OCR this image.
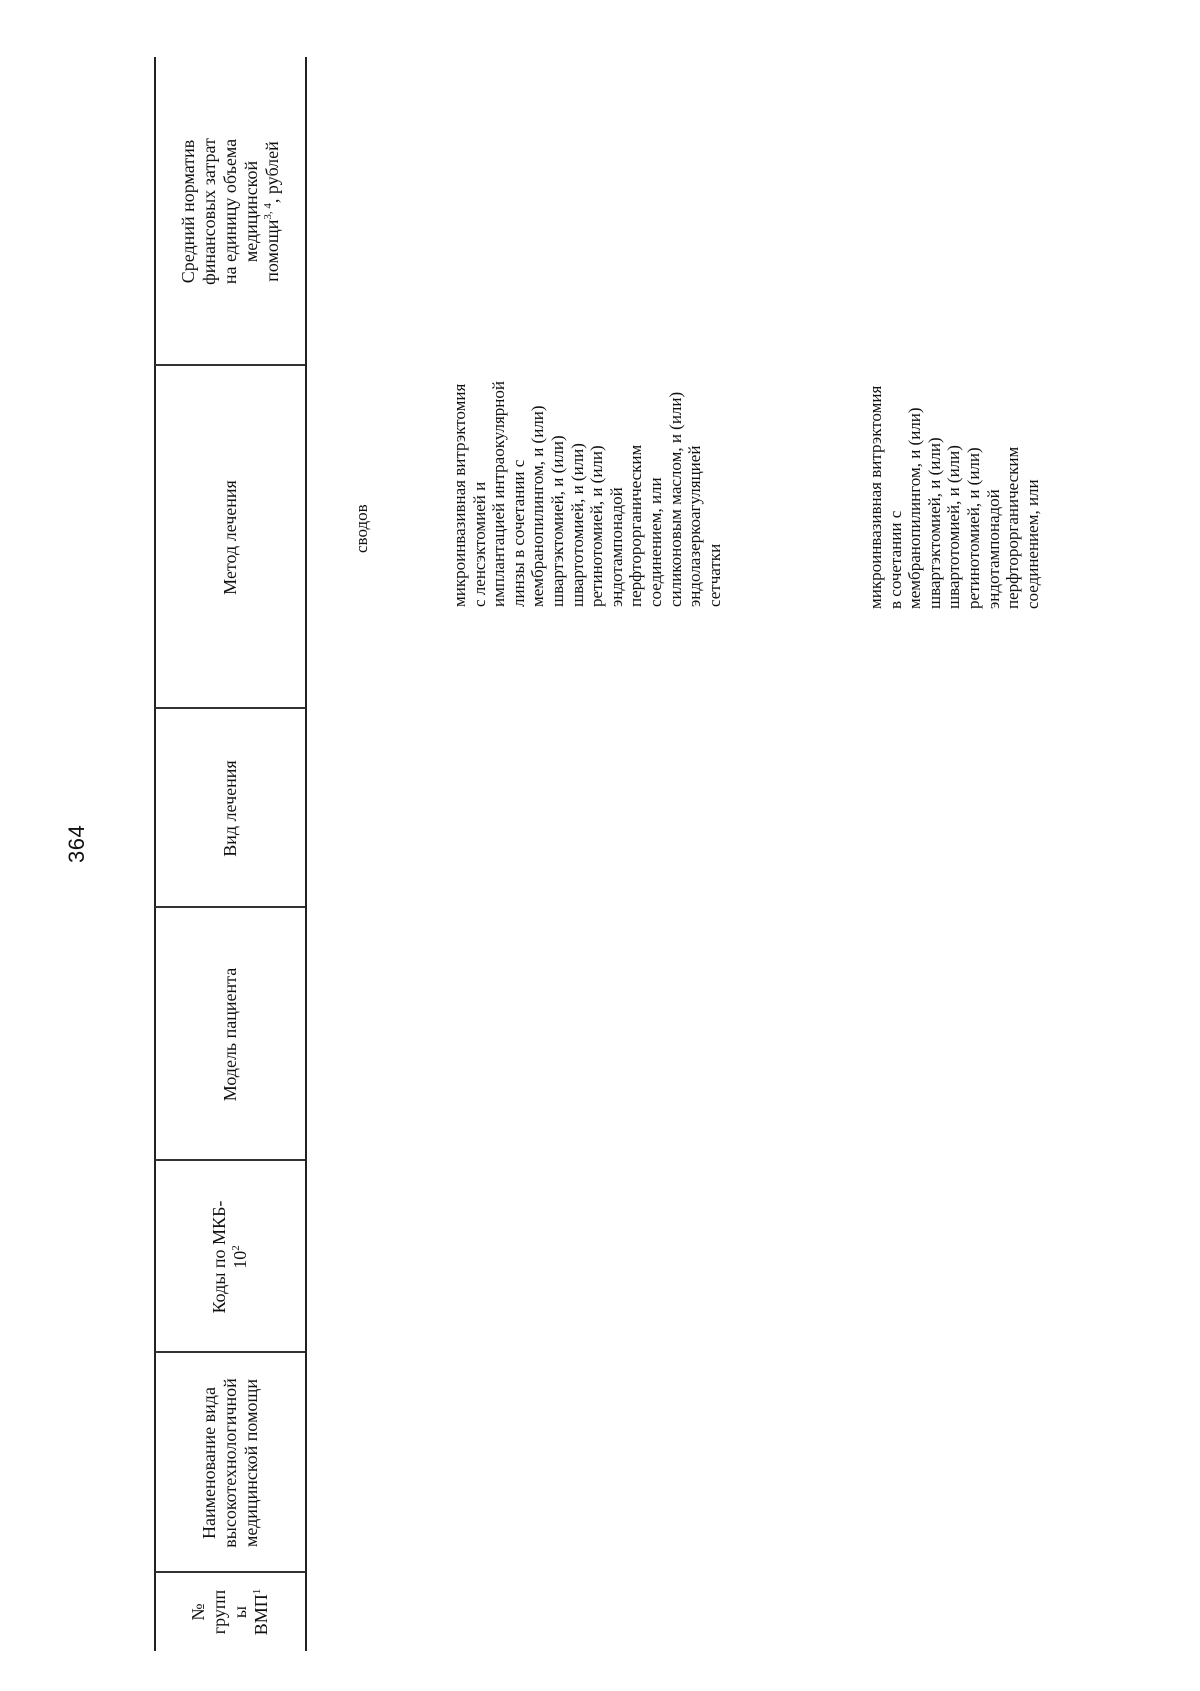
364
№
групп
ы
ВМП$^1$
Наименование вида
высокотехнологичной
медицинской помощи
Коды по МКБ-
$10^2$
Модель пациента
Вид лечения
Метод лечения
Средний норматив
финансовых затрат
на единицу объема
медицинской
помощи$^{3, 4}$, рублей
сводов	микроинвазивная витрэктомия
с ленсэктомией и
имплантацией интраокулярной
линзы в сочетании с
мембранопилингом, и (или)
швартэктомией, и (или)
швартотомией, и (или)
ретинотомией, и (или)
эндотампонадой
перфторорганическим
соединением, или
силиконовым маслом, и (или)
эндолазеркоагуляцией
сетчатки	микроинвазивная витрэктомия
в сочетании с
мембранопилингом, и (или)
швартэктомией, и (или)
швартотомией, и (или)
ретинотомией, и (или)
эндотампонадой
перфторорганическим
соединением, или
